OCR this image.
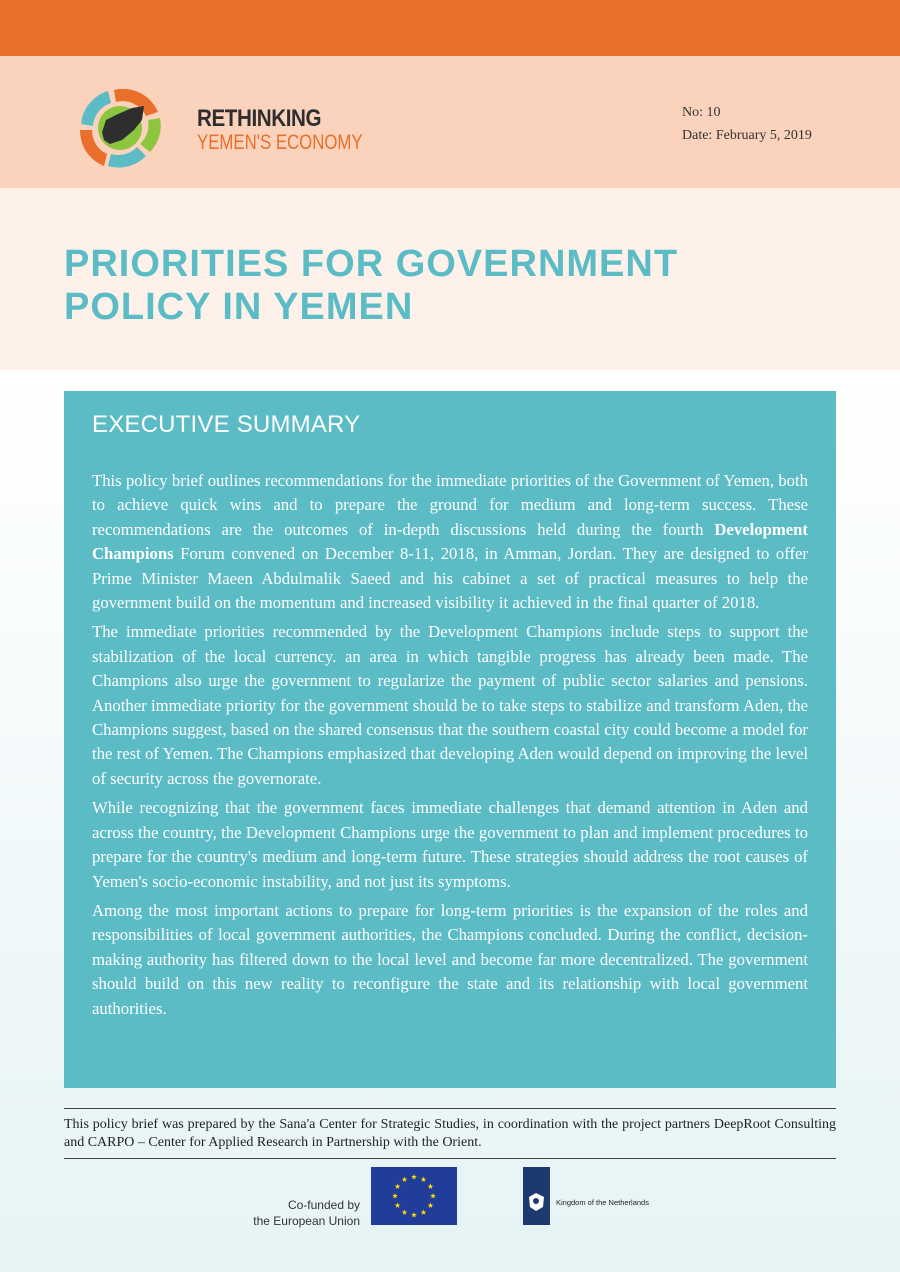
RETHINKING
YEMEN'S ECONOMY
No: 10
Date: February 5, 2019
PRIORITIES FOR GOVERNMENT
POLICY IN YEMEN
EXECUTIVE SUMMARY

This policy brief outlines recommendations for the immediate priorities of the Government of Yemen, both to achieve quick wins and to prepare the ground for medium and long-term success. These recommendations are the outcomes of in-depth discussions held during the fourth Development Champions Forum convened on December 8-11, 2018, in Amman, Jordan. They are designed to offer Prime Minister Maeen Abdulmalik Saeed and his cabinet a set of practical measures to help the government build on the momentum and increased visibility it achieved in the final quarter of 2018.

The immediate priorities recommended by the Development Champions include steps to support the stabilization of the local currency. an area in which tangible progress has already been made. The Champions also urge the government to regularize the payment of public sector salaries and pensions. Another immediate priority for the government should be to take steps to stabilize and transform Aden, the Champions suggest, based on the shared consensus that the southern coastal city could become a model for the rest of Yemen. The Champions emphasized that developing Aden would depend on improving the level of security across the governorate.

While recognizing that the government faces immediate challenges that demand attention in Aden and across the country, the Development Champions urge the government to plan and implement procedures to prepare for the country's medium and long-term future. These strategies should address the root causes of Yemen's socio-economic instability, and not just its symptoms.

Among the most important actions to prepare for long-term priorities is the expansion of the roles and responsibilities of local government authorities, the Champions concluded. During the conflict, decision-making authority has filtered down to the local level and become far more decentralized. The government should build on this new reality to reconfigure the state and its relationship with local government authorities.

This policy brief was prepared by the Sana'a Center for Strategic Studies, in coordination with the project partners DeepRoot Consulting and CARPO – Center for Applied Research in Partnership with the Orient.
Co-funded by
the European Union
Kingdom of the Netherlands
